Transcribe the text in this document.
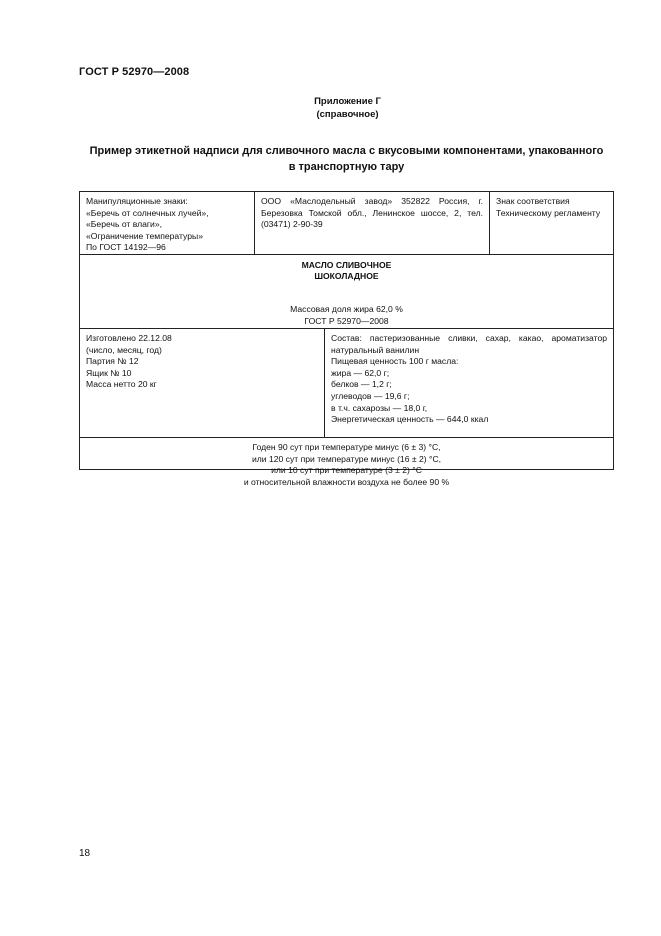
ГОСТ Р 52970—2008
Приложение Г
(справочное)
Пример этикетной надписи для сливочного масла с вкусовыми компонентами, упакованного
в транспортную тару
Манипуляционные знаки:
«Беречь от солнечных лучей»,
«Беречь от влаги»,
«Ограничение температуры»
По ГОСТ 14192—96
ООО «Маслодельный завод» 352822 Россия, г. Березовка Томской обл., Ленинское шоссе, 2, тел. (03471) 2-90-39
Знак соответствия Техническому регламенту
МАСЛО СЛИВОЧНОЕ
ШОКОЛАДНОЕ
Массовая доля жира 62,0 %
ГОСТ Р 52970—2008
Изготовлено 22.12.08
(число, месяц, год)
Партия № 12
Ящик № 10
Масса нетто 20 кг
Состав: пастеризованные сливки, сахар, какао, ароматизатор натуральный ванилин
Пищевая ценность 100 г масла:
жира — 62,0 г;
белков — 1,2 г;
углеводов — 19,6 г;
в т.ч. сахарозы — 18,0 г,
Энергетическая ценность — 644,0 ккал
Годен 90 сут при температуре минус (6 ± 3) °С,
или 120 сут при температуре минус (16 ± 2) °С,
или 10 сут при температуре (3 ± 2) °С
и относительной влажности воздуха не более 90 %
18
